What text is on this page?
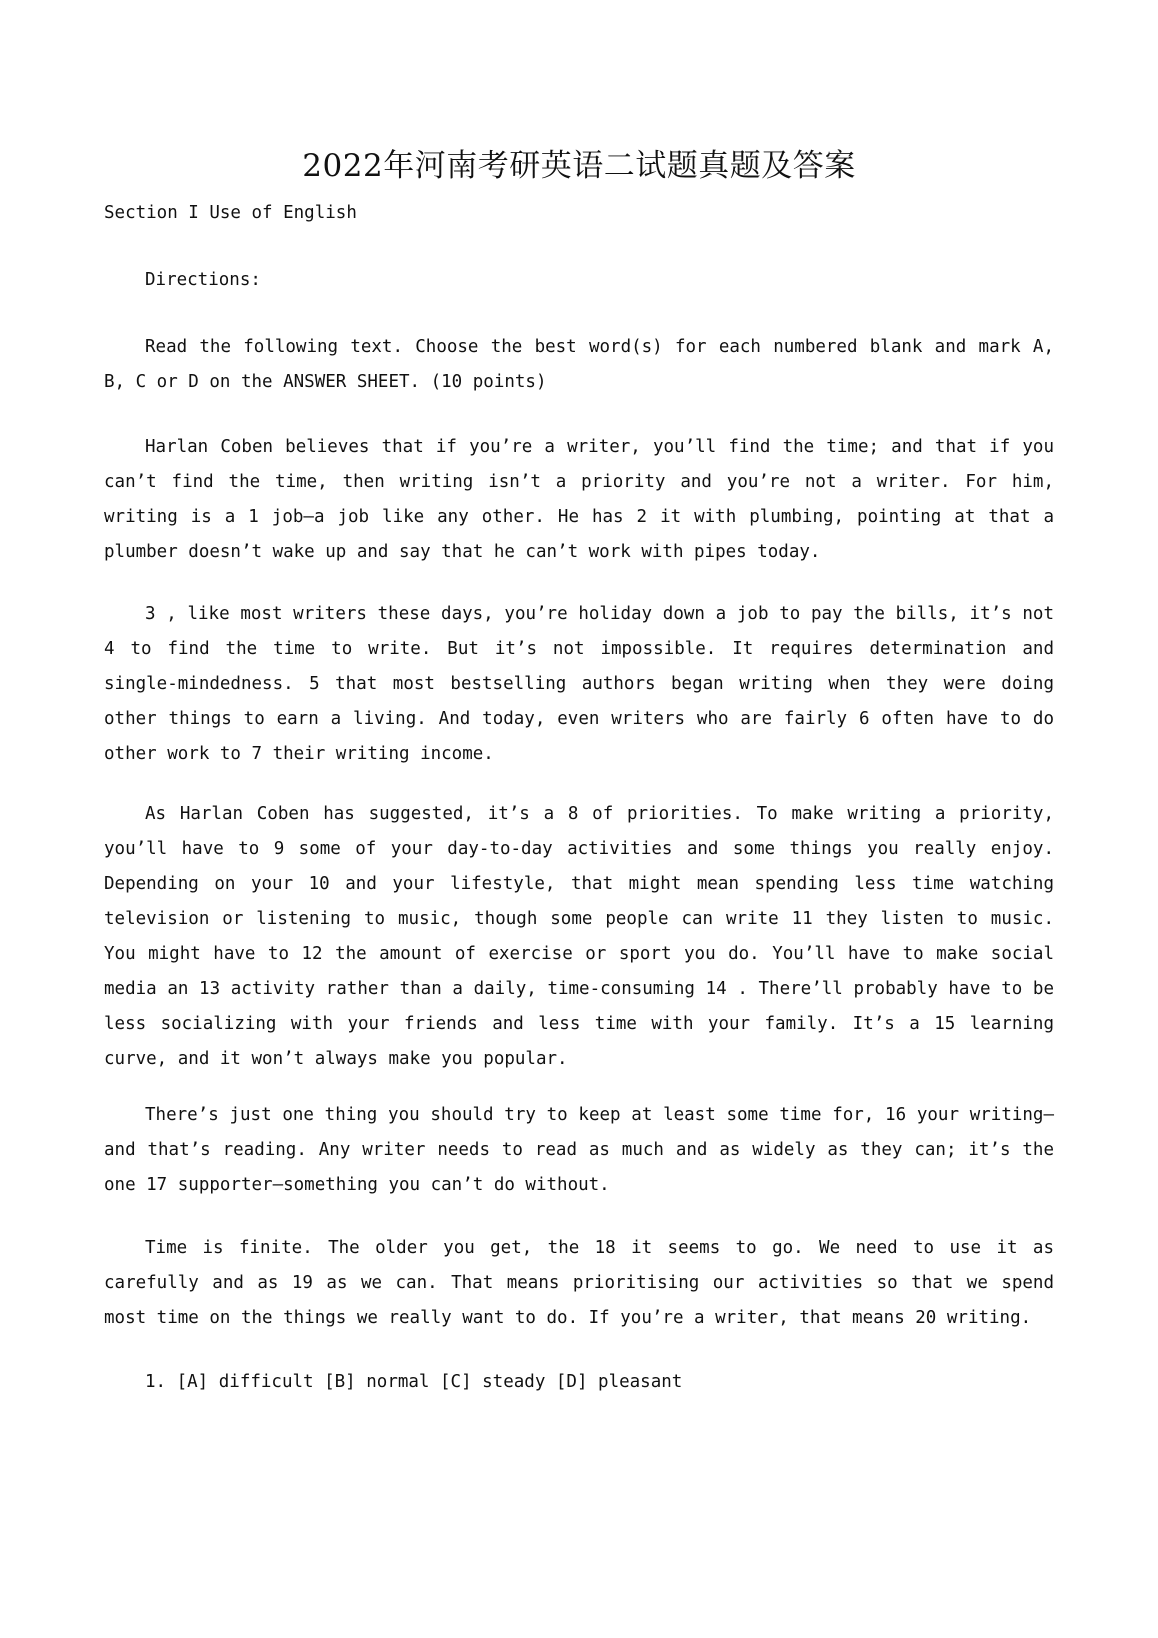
2022年河南考研英语二试题真题及答案

Section I Use of English

Directions:

Read the following text. Choose the best word(s) for each numbered blank and mark A, B, C or D on the ANSWER SHEET. (10 points)

Harlan Coben believes that if you’re a writer, you’ll find the time; and that if you can’t find the time, then writing isn’t a priority and you’re not a writer. For him, writing is a 1 job–a job like any other. He has 2 it with plumbing, pointing at that a plumber doesn’t wake up and say that he can’t work with pipes today.

3 , like most writers these days, you’re holiday down a job to pay the bills, it’s not 4 to find the time to write. But it’s not impossible. It requires determination and single-mindedness. 5 that most bestselling authors began writing when they were doing other things to earn a living. And today, even writers who are fairly 6 often have to do other work to 7 their writing income.

As Harlan Coben has suggested, it’s a 8 of priorities. To make writing a priority, you’ll have to 9 some of your day-to-day activities and some things you really enjoy. Depending on your 10 and your lifestyle, that might mean spending less time watching television or listening to music, though some people can write 11 they listen to music. You might have to 12 the amount of exercise or sport you do. You’ll have to make social media an 13 activity rather than a daily, time-consuming 14 . There’ll probably have to be less socializing with your friends and less time with your family. It’s a 15 learning curve, and it won’t always make you popular.

There’s just one thing you should try to keep at least some time for, 16 your writing–and that’s reading. Any writer needs to read as much and as widely as they can; it’s the one 17 supporter–something you can’t do without.

Time is finite. The older you get, the 18 it seems to go. We need to use it as carefully and as 19 as we can. That means prioritising our activities so that we spend most time on the things we really want to do. If you’re a writer, that means 20 writing.

1. [A] difficult [B] normal [C] steady [D] pleasant
